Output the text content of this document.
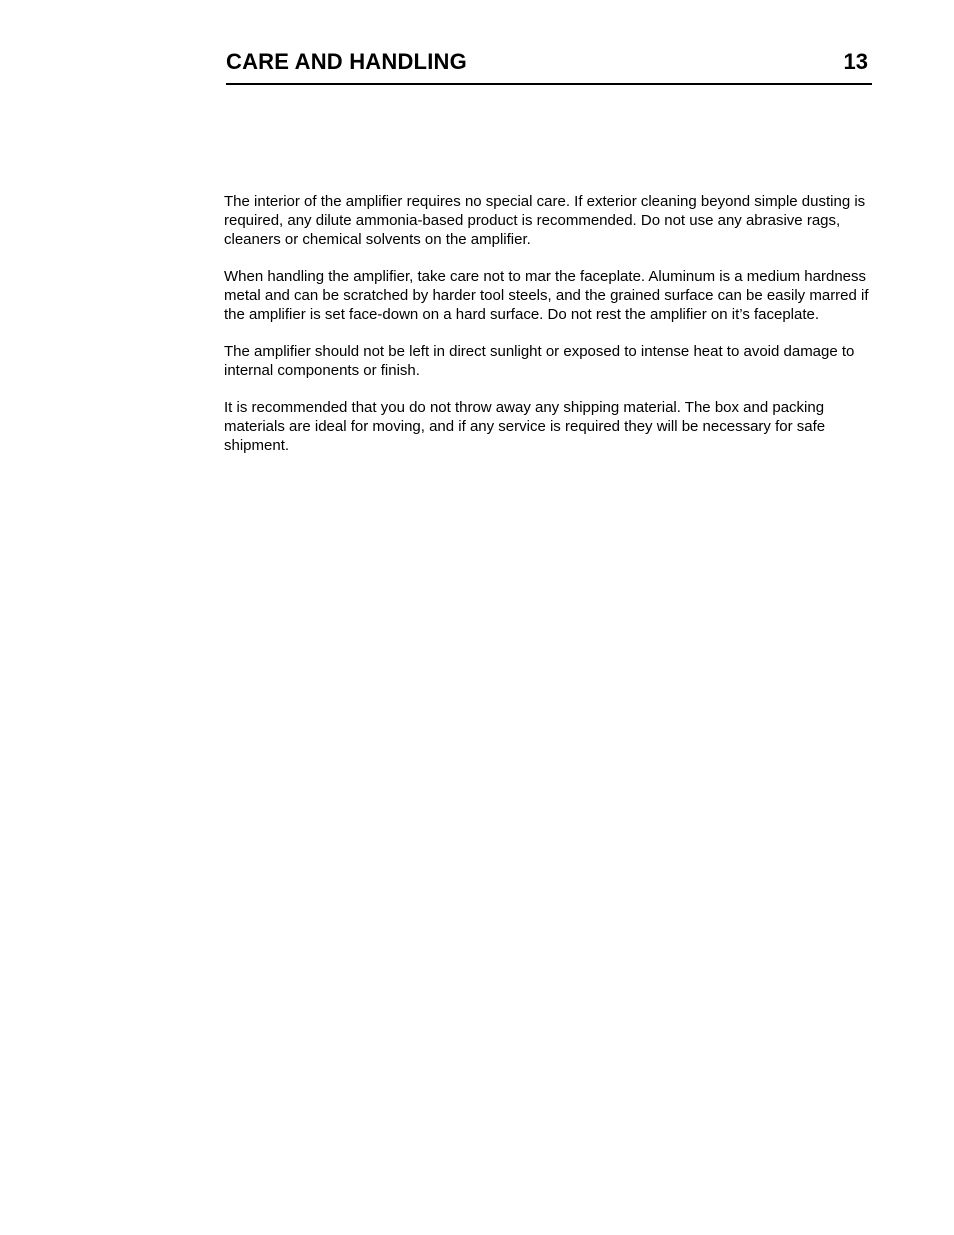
CARE AND HANDLING	13

The interior of the amplifier requires no special care. If exterior cleaning beyond simple dusting is required, any dilute ammonia-based product is recommended. Do not use any abrasive rags, cleaners or chemical solvents on the amplifier.

When handling the amplifier, take care not to mar the faceplate. Aluminum is a medium hardness metal and can be scratched by harder tool steels, and the grained surface can be easily marred if the amplifier is set face-down on a hard surface. Do not rest the amplifier on it’s faceplate.

The amplifier should not be left in direct sunlight or exposed to intense heat to avoid damage to internal components or finish.

It is recommended that you do not throw away any shipping material. The box and packing materials are ideal for moving, and if any service is required they will be necessary for safe shipment.
